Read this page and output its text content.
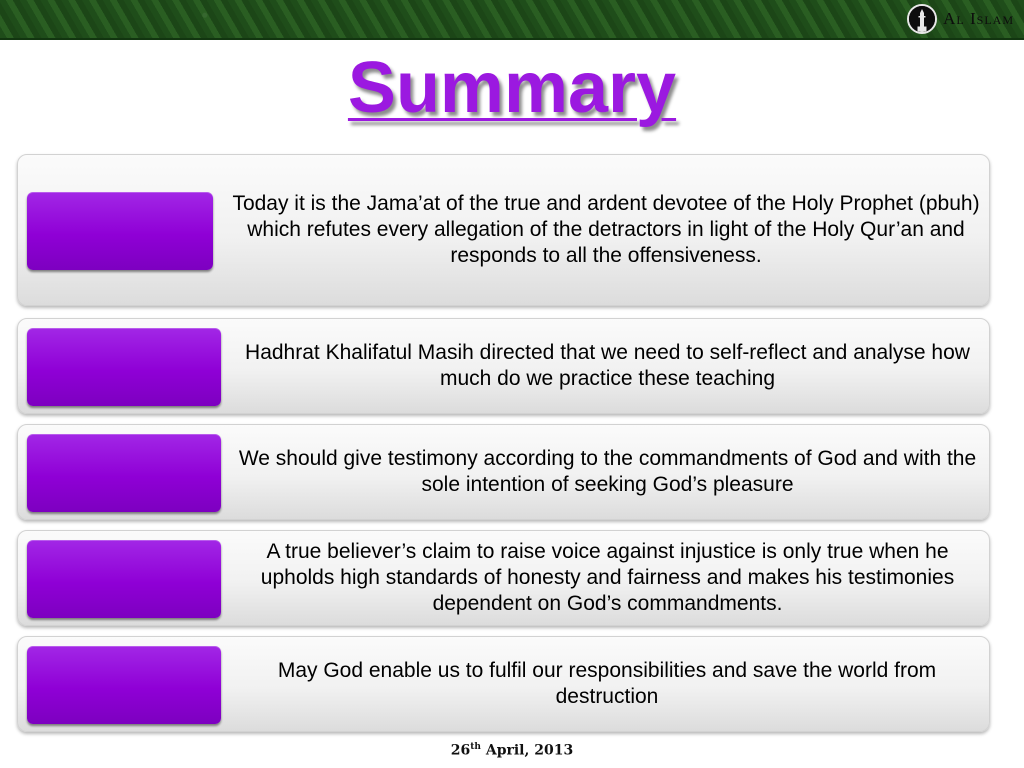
Al Islam
Summary
Today it is the Jama’at of the true and ardent devotee of the Holy Prophet (pbuh) which refutes every allegation of the detractors in light of the Holy Qur’an and responds to all the offensiveness.
Hadhrat Khalifatul Masih directed that we need to self-reflect and analyse how much do we practice these teaching
We should give testimony according to the commandments of God and with the sole intention of seeking God’s pleasure
A true believer’s claim to raise voice against injustice is only true when he upholds high standards of honesty and fairness and makes his testimonies dependent on God’s commandments.
May God enable us to fulfil our responsibilities and save the world from destruction
26th April, 2013
